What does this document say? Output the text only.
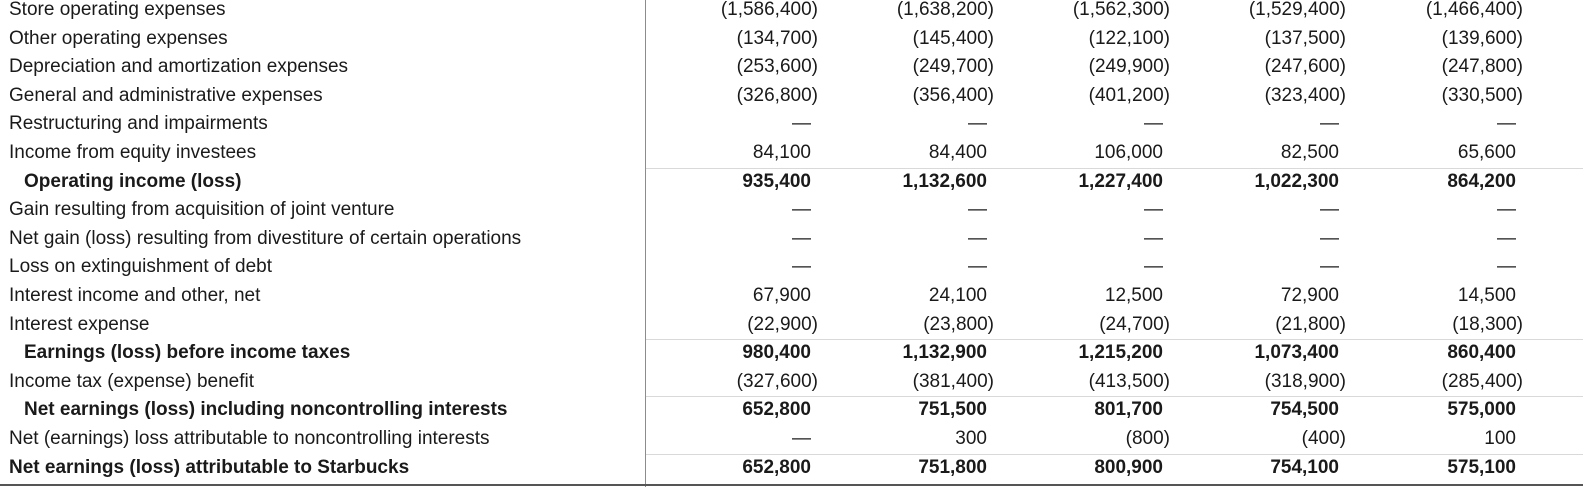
Store operating expenses	(1,586,400)	(1,638,200)	(1,562,300)	(1,529,400)	(1,466,400)
Other operating expenses	(134,700)	(145,400)	(122,100)	(137,500)	(139,600)
Depreciation and amortization expenses	(253,600)	(249,700)	(249,900)	(247,600)	(247,800)
General and administrative expenses	(326,800)	(356,400)	(401,200)	(323,400)	(330,500)
Restructuring and impairments	—	—	—	—	—
Income from equity investees	84,100	84,400	106,000	82,500	65,600
Operating income (loss)	935,400	1,132,600	1,227,400	1,022,300	864,200
Gain resulting from acquisition of joint venture	—	—	—	—	—
Net gain (loss) resulting from divestiture of certain operations	—	—	—	—	—
Loss on extinguishment of debt	—	—	—	—	—
Interest income and other, net	67,900	24,100	12,500	72,900	14,500
Interest expense	(22,900)	(23,800)	(24,700)	(21,800)	(18,300)
Earnings (loss) before income taxes	980,400	1,132,900	1,215,200	1,073,400	860,400
Income tax (expense) benefit	(327,600)	(381,400)	(413,500)	(318,900)	(285,400)
Net earnings (loss) including noncontrolling interests	652,800	751,500	801,700	754,500	575,000
Net (earnings) loss attributable to noncontrolling interests	—	300	(800)	(400)	100
Net earnings (loss) attributable to Starbucks	652,800	751,800	800,900	754,100	575,100
